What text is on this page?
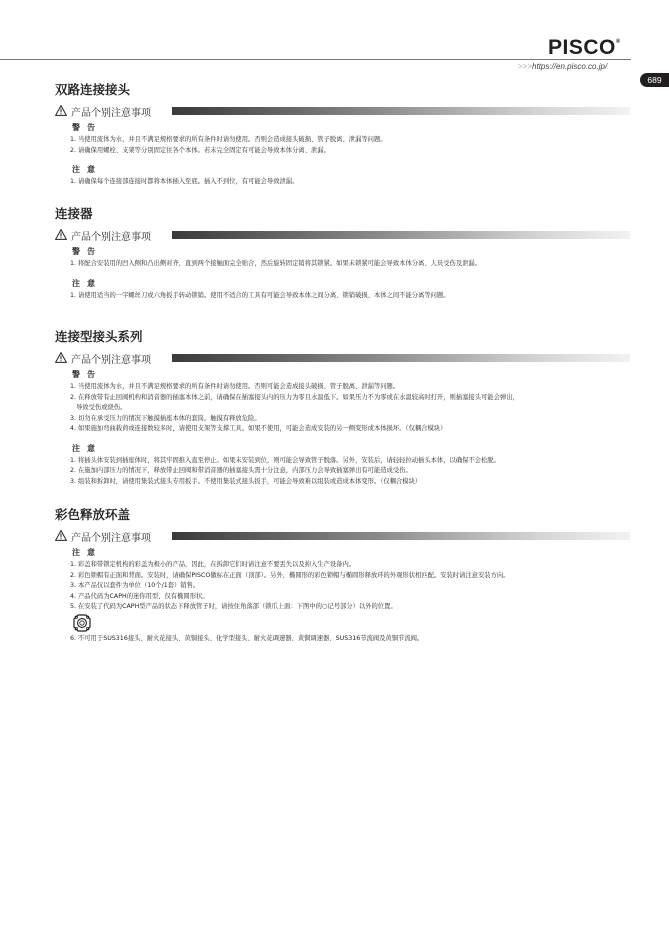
PISCO®
>>>https://en.pisco.co.jp/
689
双路连接接头
产品个别注意事项
警告
1. 当使用流体为水，并且不满足规格要求的所有条件时请勿使用。否则会造成接头破损、管子脱离、泄漏等问题。
2. 请确保用螺栓、支架等分别固定住各个本体。若未完全固定有可能会导致本体分离、泄漏。
注意
1. 请确保每个连接部连接时都将本体插入至底。插入不到位，有可能会导致泄漏。
连接器
产品个别注意事项
警告
1. 将配合安装用的凹入侧和凸出侧对齐，直到两个接触面完全贴合，然后旋转固定销将其锁紧。如果未锁紧可能会导致本体分离、人员受伤及泄漏。
注意
1. 请使用适当的一字螺丝刀或六角扳手转动锁销。使用不适合的工具有可能会导致本体之间分离、锁销破损、本体之间不能分离等问题。
连接型接头系列
产品个别注意事项
警告
1. 当使用流体为水，并且不满足规格要求的所有条件时请勿使用。否则可能会造成接头破损、管子脱离、泄漏等问题。
2. 在释放带有止回阀机构和消音器的插塞本体之前，请确保在插塞接头内的压力为零且水温低下。如果压力不为零或在水温较高时打开，则插塞接头可能会弹出，
导致受伤或烧伤。
3. 切勿在承受压力的情况下触摸插座本体的套筒。触摸有释放危险。
4. 如果施加弯曲载荷或连接数较多时，请使用支架等支撑工具。如果不使用，可能会造成安装的另一侧变形或本体损坏。（仅耦合模块）
注意
1. 将插头体安装到插座体时，将其牢固推入直至停止。如果未安装到位，则可能会导致管子脱落。另外，安装后，请轻轻拉动插头本体，以确保不会松脱。
2. 在施加内部压力的情况下，释放带止回阀和带消音器的插塞接头需十分注意，内部压力会导致插塞弹出有可能造成受伤。
3. 组装和拆卸时，请使用集装式接头专用扳手。不使用集装式接头扳手，可能会导致难以组装或造成本体变形。（仅耦合模块）
彩色释放环盖
产品个别注意事项
注意
1. 彩盖和带锁定机构的彩盖为极小的产品，因此，在拆卸它们时请注意不要丢失以及掉入生产设备内。
2. 彩色锁帽有正面和背面。安装时，请确保PISCO徽标在正面（顶部）。另外，椭圆形的彩色锁帽与椭圆形释放环的外观形状相匹配。安装时请注意安装方向。
3. 本产品仅以套件为单位（10个/1套）销售。
4. 产品代码为CAPH的迷你用型、仅有椭圆形状。
5. 在安装了代码为CAPH型产品的状态下释放管子时，请按住角落部（锁爪上面：下图中的○记号部分）以外的位置。
6. 不可用于SUS316接头、耐火花接头、黄铜接头、化学型接头、耐火花调速器、黄铜调速器、SUS316节流阀及黄铜节流阀。
